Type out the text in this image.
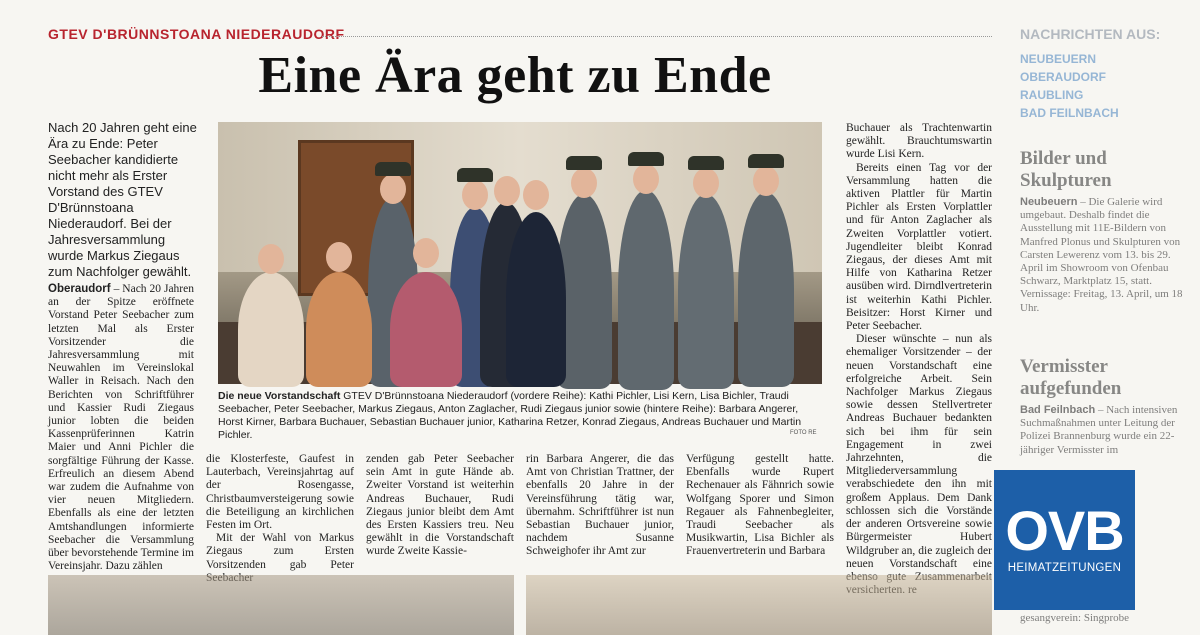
GTEV D'BRÜNNSTOANA NIEDERAUDORF
Eine Ära geht zu Ende
Nach 20 Jahren geht eine Ära zu Ende: Peter Seebacher kandidierte nicht mehr als Erster Vorstand des GTEV D'Brünnstoana Niederaudorf. Bei der Jahresversammlung wurde Markus Ziegaus zum Nachfolger gewählt.
Die neue Vorstandschaft GTEV D'Brünnstoana Niederaudorf (vordere Reihe): Kathi Pichler, Lisi Kern, Lisa Bichler, Traudi Seebacher, Peter Seebacher, Markus Ziegaus, Anton Zaglacher, Rudi Ziegaus junior sowie (hintere Reihe): Barbara Angerer, Horst Kirner, Barbara Buchauer, Sebastian Buchauer junior, Katharina Retzer, Konrad Ziegaus, Andreas Buchauer und Martin Pichler.	FOTO RE
Oberaudorf – Nach 20 Jahren an der Spitze eröffnete Vorstand Peter Seebacher zum letzten Mal als Erster Vorsitzender die Jahresversammlung mit Neuwahlen im Vereinslokal Waller in Reisach. Nach den Berichten von Schriftführer und Kassier Rudi Ziegaus junior lobten die beiden Kassenprüferinnen Katrin Maier und Anni Pichler die sorgfältige Führung der Kasse. Erfreulich an diesem Abend war zudem die Aufnahme von vier neuen Mitgliedern. Ebenfalls als eine der letzten Amtshandlungen informierte Seebacher die Versammlung über bevorstehende Termine im Vereinsjahr. Dazu zählen
die Klosterfeste, Gaufest in Lauterbach, Vereinsjahrtag auf der Rosengasse, Christbaumversteigerung sowie die Beteiligung an kirchlichen Festen im Ort.
Mit der Wahl von Markus Ziegaus zum Ersten Vorsitzenden gab Peter
zenden gab Peter Seebacher sein Amt in gute Hände ab. Zweiter Vorstand ist weiterhin Andreas Buchauer, Rudi Ziegaus junior bleibt dem Amt des Ersten Kassiers treu. Neu gewählt in die Vorstandschaft wurde Zweite Kassie-
rin Barbara Angerer, die das Amt von Christian Trattner, der ebenfalls 20 Jahre in der Vereinsführung tätig war, übernahm. Schriftführer ist nun Sebastian Buchauer junior, nachdem Susanne Schweighofer ihr Amt zur
Verfügung gestellt hatte. Ebenfalls wurde Rupert Rechenauer als Fähnrich sowie Wolfgang Sporer und Simon Regauer als Fahnenbegleiter, Traudi Seebacher als Musikwartin, Lisa Bichler als Frauenvertreterin und Barbara
Buchauer als Trachtenwartin gewählt. Brauchtumswartin wurde Lisi Kern.
Bereits einen Tag vor der Versammlung hatten die aktiven Plattler für Martin Pichler als Ersten Vorplattler und für Anton Zaglacher als Zweiten Vorplattler votiert. Jugendleiter bleibt Konrad Ziegaus, der dieses Amt mit Hilfe von Katharina Retzer ausüben wird. Dirndlvertreterin ist weiterhin Kathi Pichler. Beisitzer: Horst Kirner und Peter Seebacher.
Dieser wünschte – nun als ehemaliger Vorsitzender – der neuen Vorstandschaft eine erfolgreiche Arbeit. Sein Nachfolger Markus Ziegaus sowie dessen Stellvertreter Andreas Buchauer bedankten sich bei ihm für sein Engagement in zwei Jahrzehnten, die Mitgliederversammlung verabschiedete den ihn mit großem Applaus. Dem Dank schlossen sich die Vorstände der anderen Ortsvereine sowie Bürgermeister Hubert Wildgruber an, die zugleich der neuen Vorstandschaft eine
NACHRICHTEN AUS:
NEUBEUERN
OBERAUDORF
RAUBLING
BAD FEILNBACH
Bilder und Skulpturen
Neubeuern – Die Galerie wird umgebaut. Deshalb findet die Ausstellung mit 11E-Bildern von Manfred Plonus und Skulpturen von Carsten Lewerenz vom 13. bis 29. April im Showroom von Ofenbau Schwarz, Marktplatz 15, statt. Vernissage: Freitag, 13. April, um 18 Uhr.
Vermisster aufgefunden
Bad Feilnbach – Nach intensiven Suchmaßnahmen unter Leitung der Polizei Brannenburg wurde ein 22-jähriger Vermisster im
gesangverein: Singprobe
OVB
HEIMATZEITUNGEN
